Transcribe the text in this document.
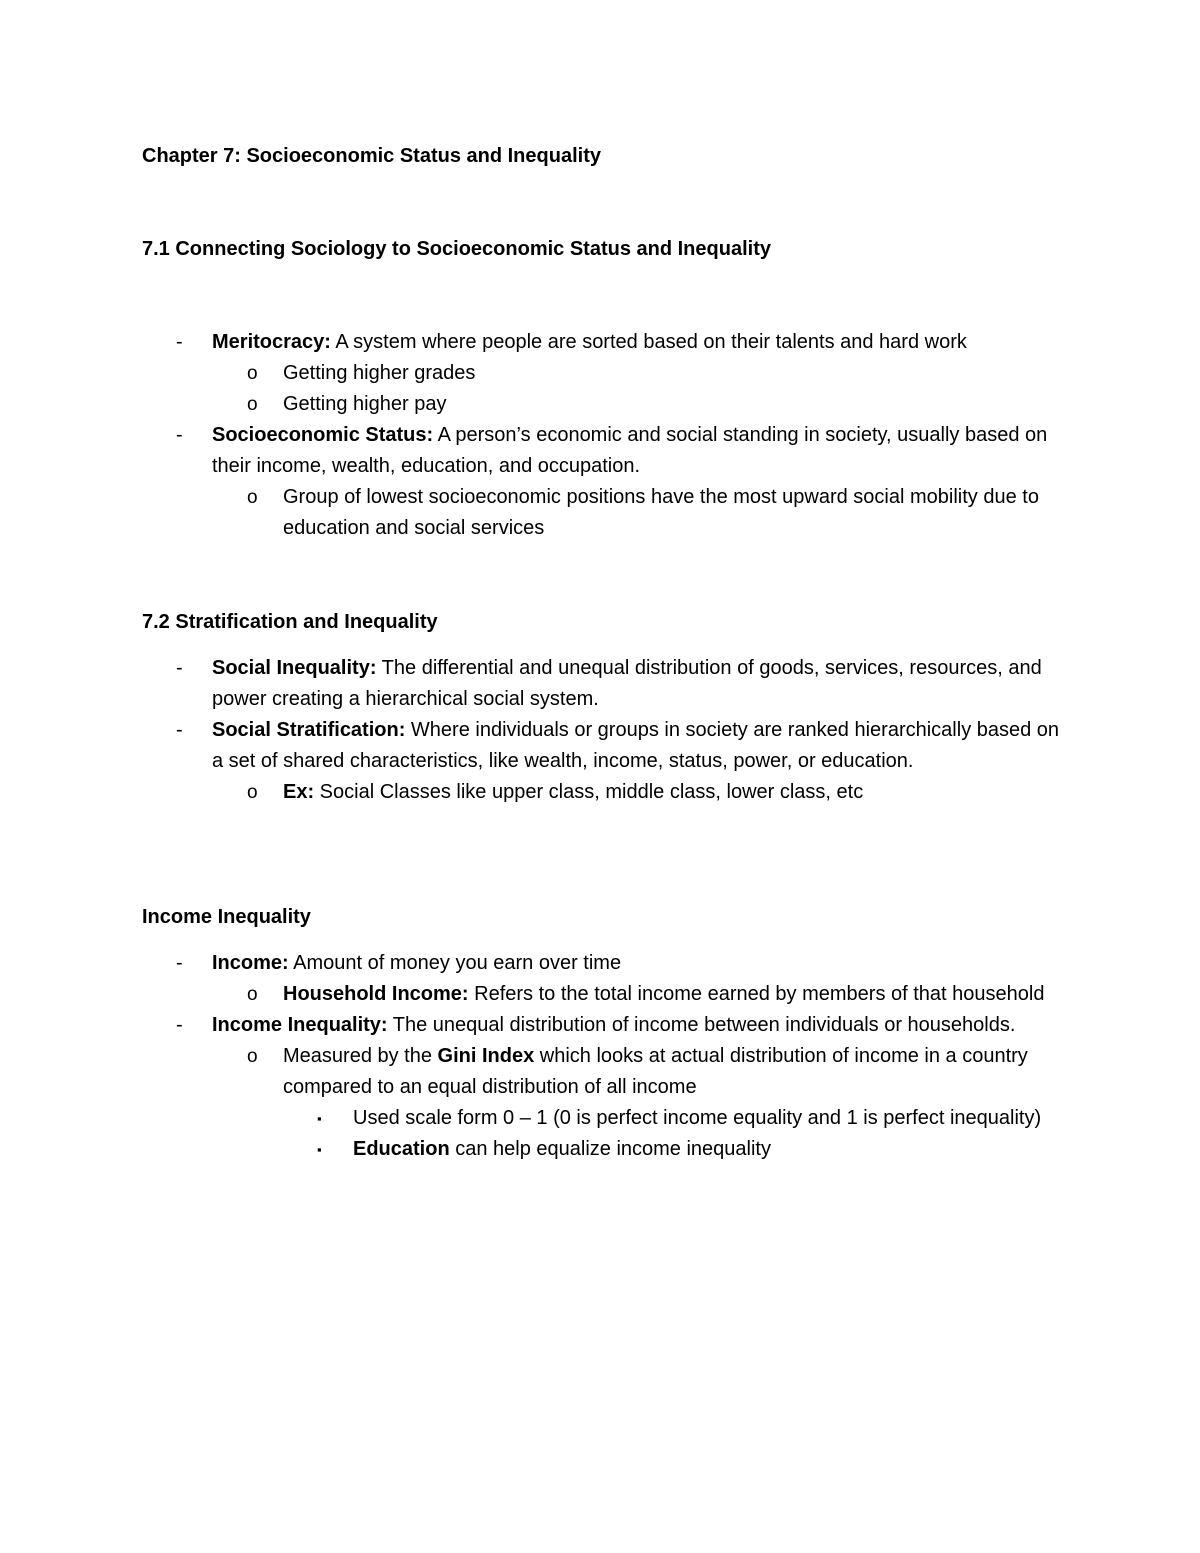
Chapter 7: Socioeconomic Status and Inequality

7.1 Connecting Sociology to Socioeconomic Status and Inequality

- Meritocracy: A system where people are sorted based on their talents and hard work

o Getting higher grades

o Getting higher pay

- Socioeconomic Status: A person’s economic and social standing in society, usually based on their income, wealth, education, and occupation.

o Group of lowest socioeconomic positions have the most upward social mobility due to education and social services

7.2 Stratification and Inequality

- Social Inequality: The differential and unequal distribution of goods, services, resources, and power creating a hierarchical social system.

- Social Stratification: Where individuals or groups in society are ranked hierarchically based on a set of shared characteristics, like wealth, income, status, power, or education.

o Ex: Social Classes like upper class, middle class, lower class, etc

Income Inequality

- Income: Amount of money you earn over time

o Household Income: Refers to the total income earned by members of that household

- Income Inequality: The unequal distribution of income between individuals or households.

o Measured by the Gini Index which looks at actual distribution of income in a country compared to an equal distribution of all income

▪ Used scale form 0 – 1 (0 is perfect income equality and 1 is perfect inequality)

▪ Education can help equalize income inequality
